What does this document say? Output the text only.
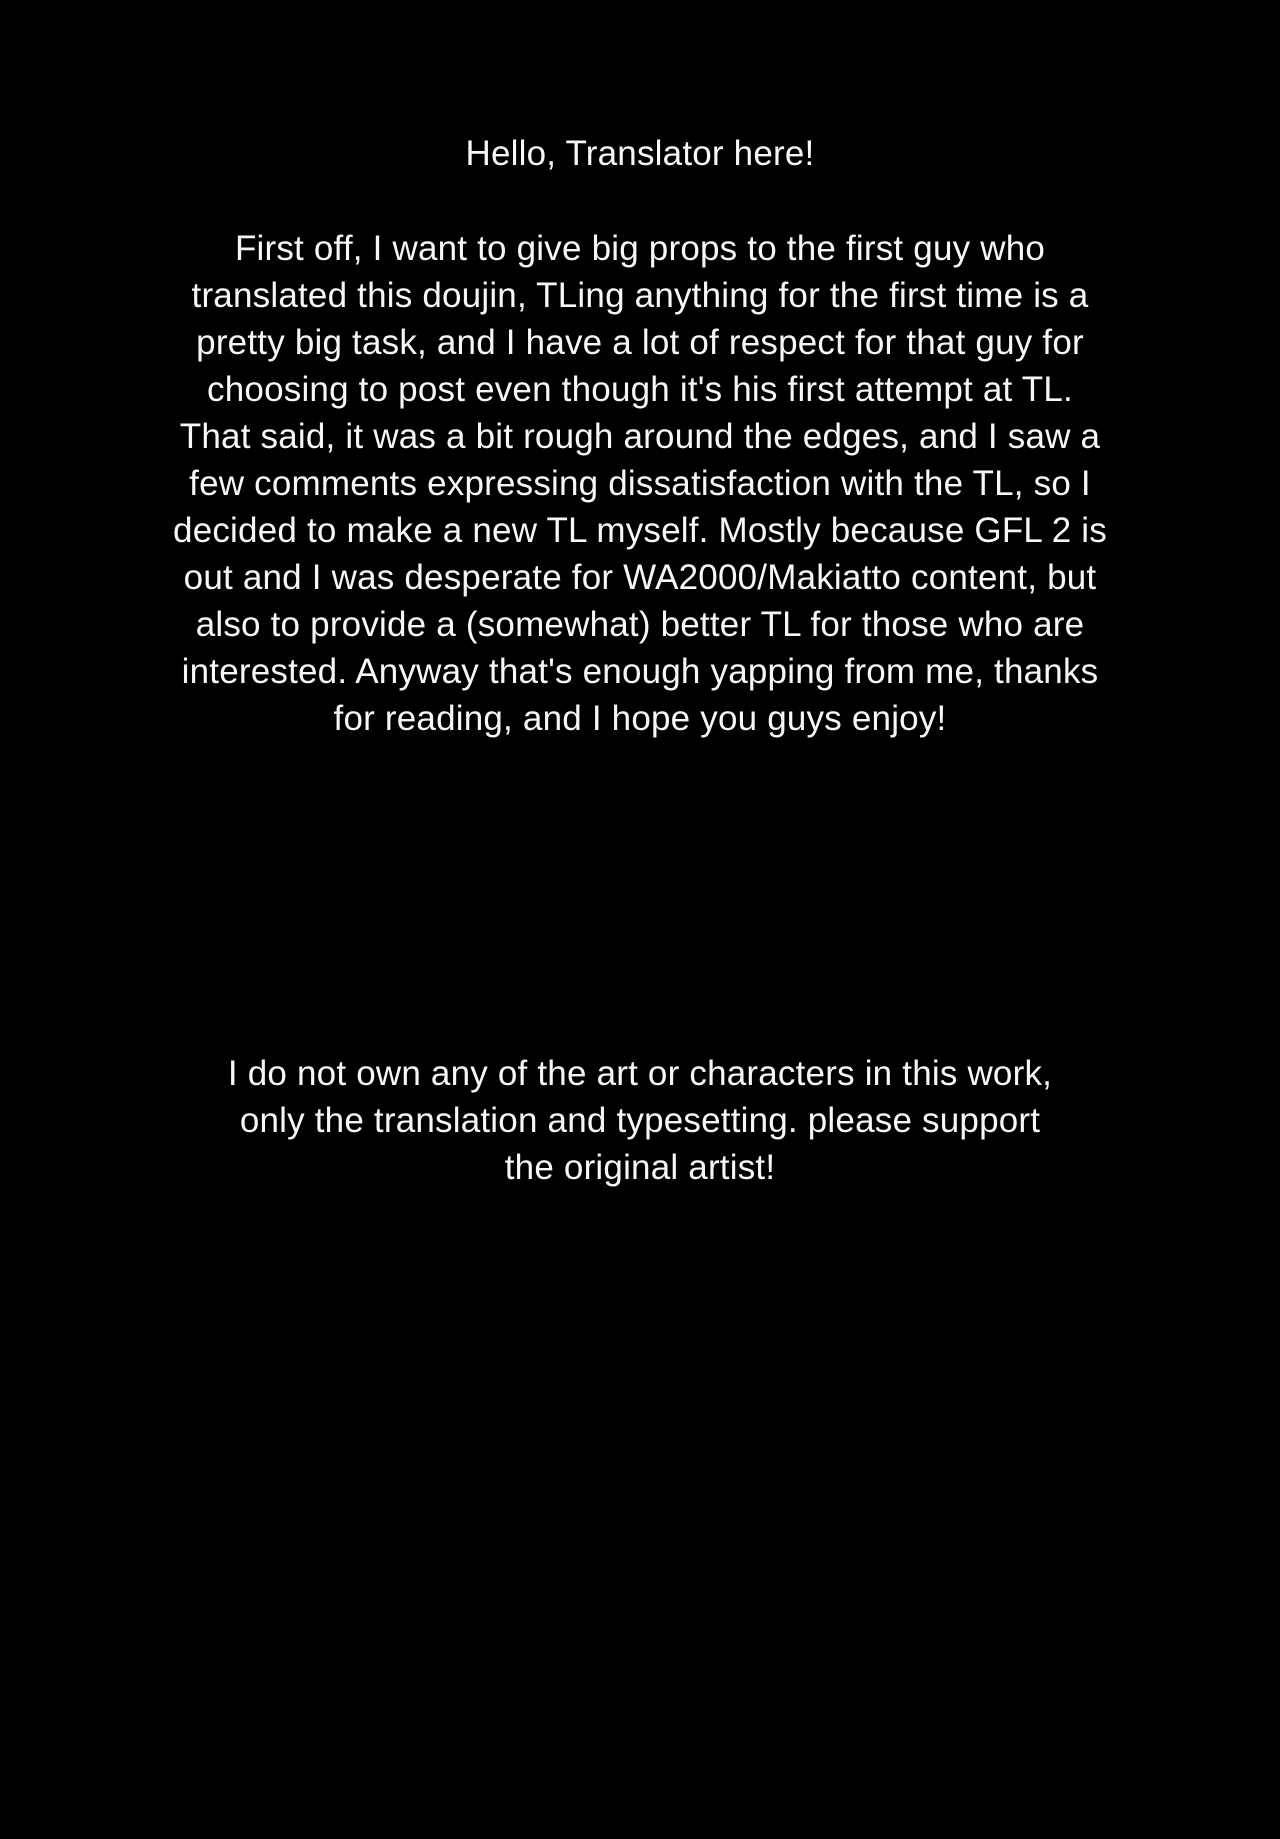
Hello, Translator here!
First off, I want to give big props to the first guy who
translated this doujin, TLing anything for the first time is a
pretty big task, and I have a lot of respect for that guy for
choosing to post even though it's his first attempt at TL.
That said, it was a bit rough around the edges, and I saw a
few comments expressing dissatisfaction with the TL, so I
decided to make a new TL myself. Mostly because GFL 2 is
out and I was desperate for WA2000/Makiatto content, but
also to provide a (somewhat) better TL for those who are
interested. Anyway that's enough yapping from me, thanks
for reading, and I hope you guys enjoy!
I do not own any of the art or characters in this work,
only the translation and typesetting. please support
the original artist!
